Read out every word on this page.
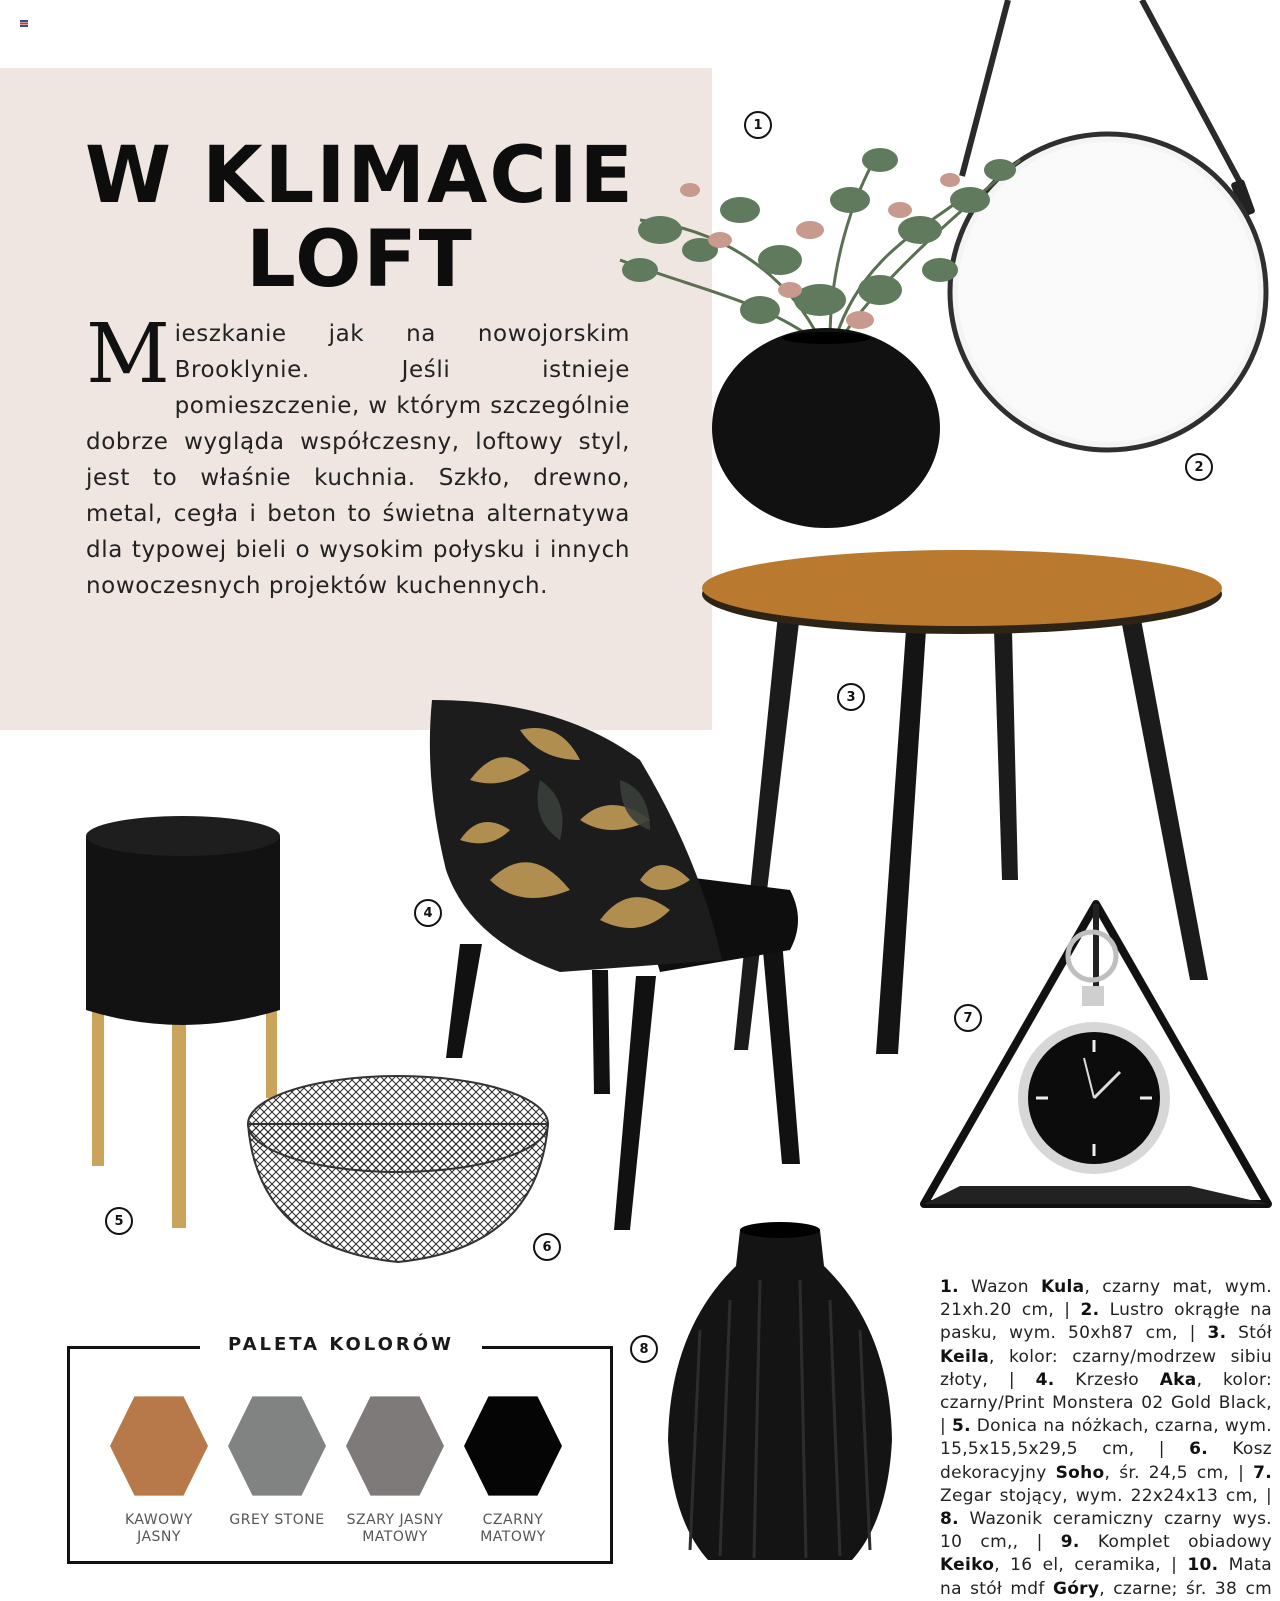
W KLIMACIE
LOFT

Mieszkanie jak na nowojorskim Brooklynie. Jeśli istnieje pomieszczenie, w którym szczególnie dobrze wygląda współczesny, loftowy styl, jest to właśnie kuchnia. Szkło, drewno, metal, cegła i beton to świetna alternatywa dla typowej bieli o wysokim połysku i innych nowoczesnych projektów kuchennych.

1
2
3
4
5
6
7
8
PALETA KOLORÓW
KAWOWY
JASNY
GREY STONE	SZARY JASNY
MATOWY
CZARNY
MATOWY

1. Wazon Kula, czarny mat, wym. 21xh.20 cm, | 2. Lustro okrągłe na pasku, wym. 50xh87 cm, | 3. Stół Keila, kolor: czarny/modrzew sibiu złoty, | 4. Krzesło Aka, kolor: czarny/Print Monstera 02 Gold Black, | 5. Donica na nóżkach, czarna, wym. 15,5x15,5x29,5 cm, | 6. Kosz dekoracyjny Soho, śr. 24,5 cm, | 7. Zegar stojący, wym. 22x24x13 cm, | 8. Wazonik ceramiczny czarny wys. 10 cm,, | 9. Komplet obiadowy Keiko, 16 el, ceramika, | 10. Mata na stół mdf Góry, czarne; śr. 38 cm
